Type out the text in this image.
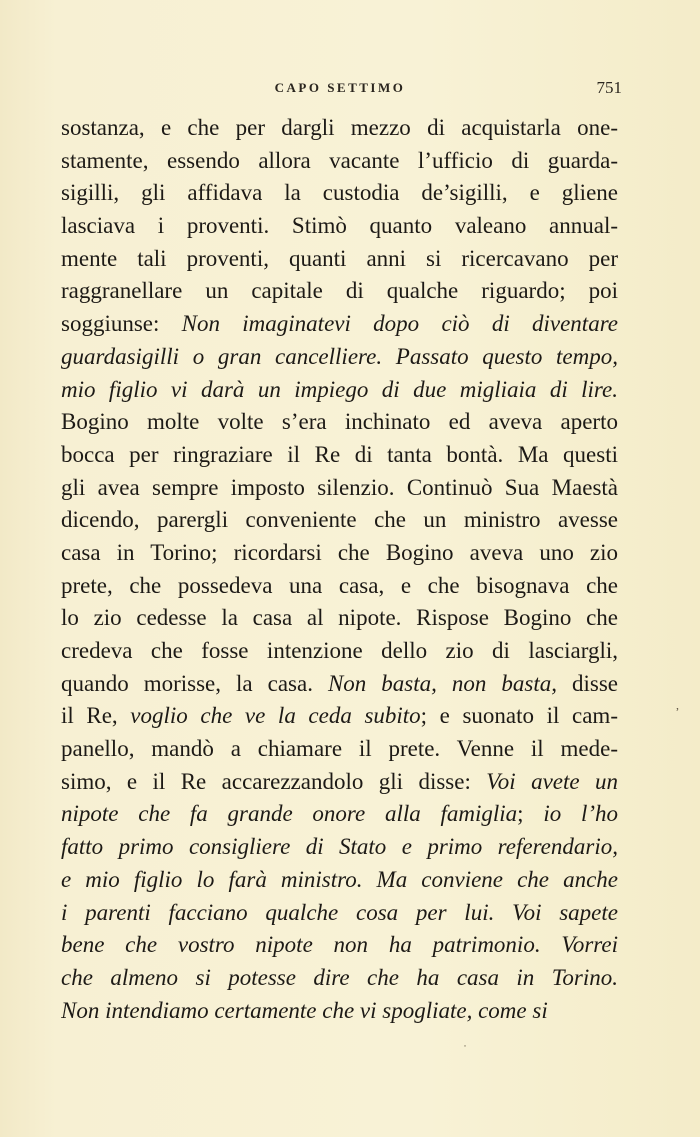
CAPO SETTIMO	751
sostanza, e che per dargli mezzo di acquistarla one-
stamente, essendo allora vacante l’ufficio di guarda-
sigilli, gli affidava la custodia de’sigilli, e gliene
lasciava i proventi. Stimò quanto valeano annual-
mente tali proventi, quanti anni si ricercavano per
raggranellare un capitale di qualche riguardo; poi
soggiunse: Non imaginatevi dopo ciò di diventare
guardasigilli o gran cancelliere. Passato questo tempo,
mio figlio vi darà un impiego di due migliaia di lire.
Bogino molte volte s’era inchinato ed aveva aperto
bocca per ringraziare il Re di tanta bontà. Ma questi
gli avea sempre imposto silenzio. Continuò Sua Maestà
dicendo, parergli conveniente che un ministro avesse
casa in Torino; ricordarsi che Bogino aveva uno zio
prete, che possedeva una casa, e che bisognava che
lo zio cedesse la casa al nipote. Rispose Bogino che
credeva che fosse intenzione dello zio di lasciargli,
quando morisse, la casa. Non basta, non basta, disse
il Re, voglio che ve la ceda subito; e suonato il cam-
panello, mandò a chiamare il prete. Venne il mede-
simo, e il Re accarezzandolo gli disse: Voi avete un
nipote che fa grande onore alla famiglia; io l’ho
fatto primo consigliere di Stato e primo referendario,
e mio figlio lo farà ministro. Ma conviene che anche
i parenti facciano qualche cosa per lui. Voi sapete
bene che vostro nipote non ha patrimonio. Vorrei
che almeno si potesse dire che ha casa in Torino.
Non intendiamo certamente che vi spogliate, come si
,
˙
